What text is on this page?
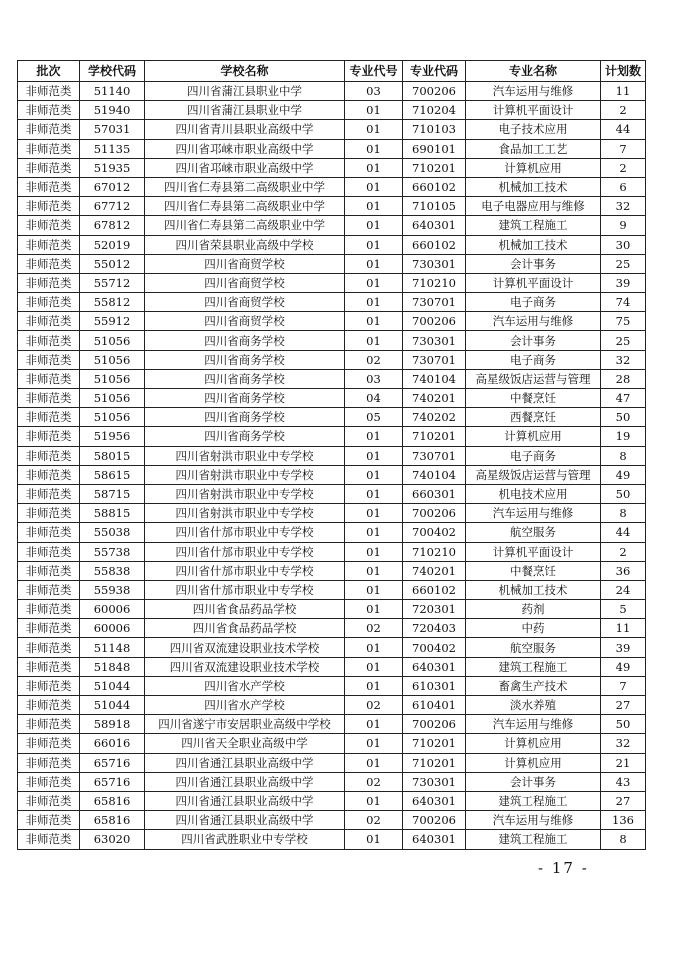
批次	学校代码	学校名称	专业代号	专业代码	专业名称	计划数
非师范类	51140	四川省蒲江县职业中学	03	700206	汽车运用与维修	11
非师范类	51940	四川省蒲江县职业中学	01	710204	计算机平面设计	2
非师范类	57031	四川省青川县职业高级中学	01	710103	电子技术应用	44
非师范类	51135	四川省邛崃市职业高级中学	01	690101	食品加工工艺	7
非师范类	51935	四川省邛崃市职业高级中学	01	710201	计算机应用	2
非师范类	67012	四川省仁寿县第二高级职业中学	01	660102	机械加工技术	6
非师范类	67712	四川省仁寿县第二高级职业中学	01	710105	电子电器应用与维修	32
非师范类	67812	四川省仁寿县第二高级职业中学	01	640301	建筑工程施工	9
非师范类	52019	四川省荣县职业高级中学校	01	660102	机械加工技术	30
非师范类	55012	四川省商贸学校	01	730301	会计事务	25
非师范类	55712	四川省商贸学校	01	710210	计算机平面设计	39
非师范类	55812	四川省商贸学校	01	730701	电子商务	74
非师范类	55912	四川省商贸学校	01	700206	汽车运用与维修	75
非师范类	51056	四川省商务学校	01	730301	会计事务	25
非师范类	51056	四川省商务学校	02	730701	电子商务	32
非师范类	51056	四川省商务学校	03	740104	高星级饭店运营与管理	28
非师范类	51056	四川省商务学校	04	740201	中餐烹饪	47
非师范类	51056	四川省商务学校	05	740202	西餐烹饪	50
非师范类	51956	四川省商务学校	01	710201	计算机应用	19
非师范类	58015	四川省射洪市职业中专学校	01	730701	电子商务	8
非师范类	58615	四川省射洪市职业中专学校	01	740104	高星级饭店运营与管理	49
非师范类	58715	四川省射洪市职业中专学校	01	660301	机电技术应用	50
非师范类	58815	四川省射洪市职业中专学校	01	700206	汽车运用与维修	8
非师范类	55038	四川省什邡市职业中专学校	01	700402	航空服务	44
非师范类	55738	四川省什邡市职业中专学校	01	710210	计算机平面设计	2
非师范类	55838	四川省什邡市职业中专学校	01	740201	中餐烹饪	36
非师范类	55938	四川省什邡市职业中专学校	01	660102	机械加工技术	24
非师范类	60006	四川省食品药品学校	01	720301	药剂	5
非师范类	60006	四川省食品药品学校	02	720403	中药	11
非师范类	51148	四川省双流建设职业技术学校	01	700402	航空服务	39
非师范类	51848	四川省双流建设职业技术学校	01	640301	建筑工程施工	49
非师范类	51044	四川省水产学校	01	610301	畜禽生产技术	7
非师范类	51044	四川省水产学校	02	610401	淡水养殖	27
非师范类	58918	四川省遂宁市安居职业高级中学校	01	700206	汽车运用与维修	50
非师范类	66016	四川省天全职业高级中学	01	710201	计算机应用	32
非师范类	65716	四川省通江县职业高级中学	01	710201	计算机应用	21
非师范类	65716	四川省通江县职业高级中学	02	730301	会计事务	43
非师范类	65816	四川省通江县职业高级中学	01	640301	建筑工程施工	27
非师范类	65816	四川省通江县职业高级中学	02	700206	汽车运用与维修	136
非师范类	63020	四川省武胜职业中专学校	01	640301	建筑工程施工	8
- 17 -
